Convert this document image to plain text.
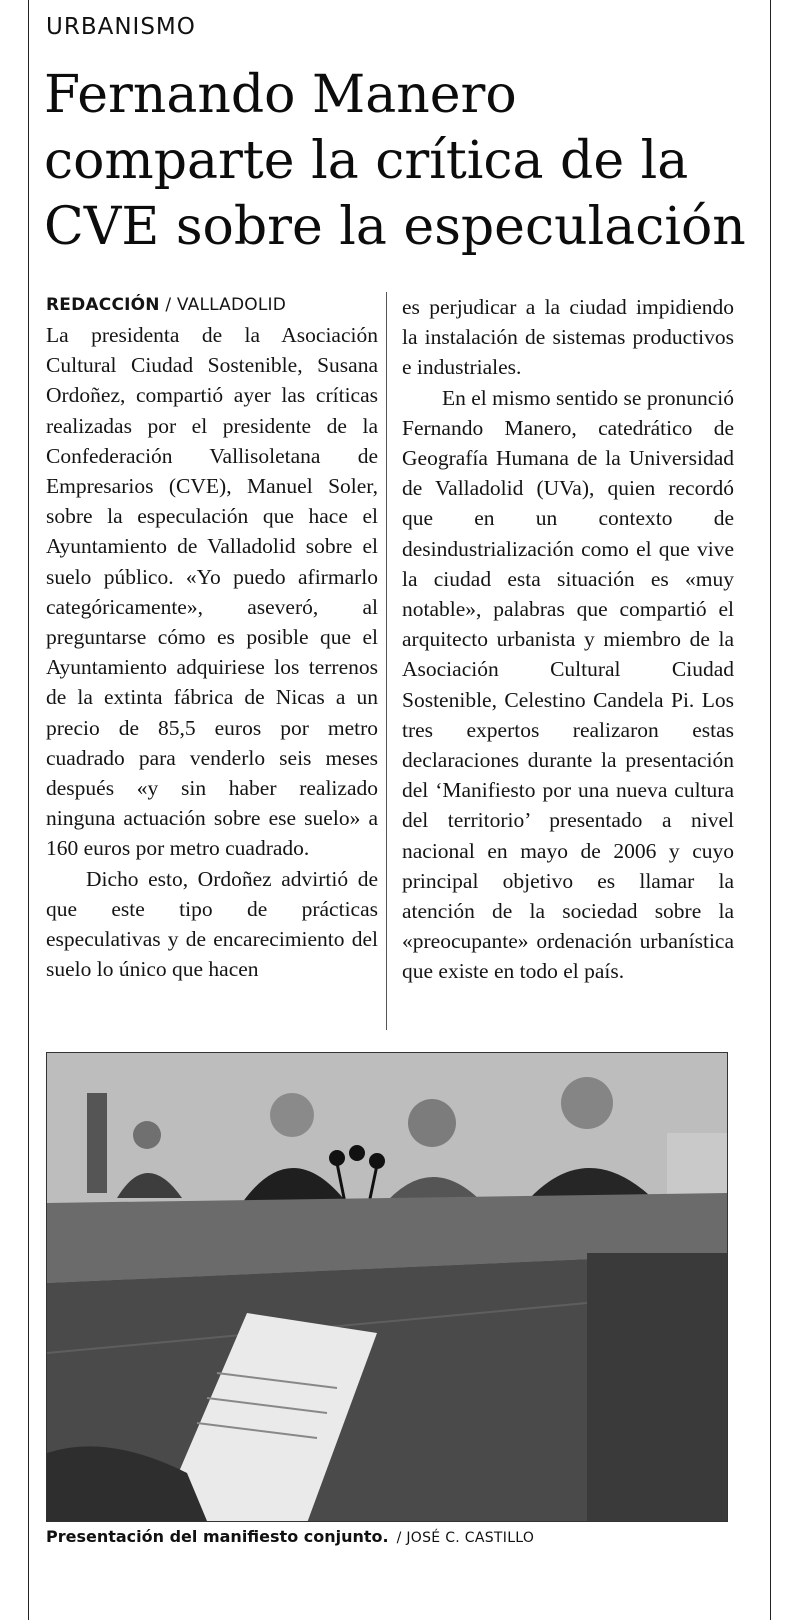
URBANISMO
Fernando Manero
comparte la crítica de la
CVE sobre la especulación
REDACCIÓN / VALLADOLID

La presidenta de la Asociación Cultural Ciudad Sostenible, Susana Ordoñez, compartió ayer las críticas realizadas por el presidente de la Confederación Vallisoletana de Empresarios (CVE), Manuel Soler, sobre la especulación que hace el Ayuntamiento de Valladolid sobre el suelo público. «Yo puedo afirmarlo categóricamente», aseveró, al preguntarse cómo es posible que el Ayuntamiento adquiriese los terrenos de la extinta fábrica de Nicas a un precio de 85,5 euros por metro cuadrado para venderlo seis meses después «y sin haber realizado ninguna actuación sobre ese suelo» a 160 euros por metro cuadrado.

Dicho esto, Ordoñez advirtió de que este tipo de prácticas especulativas y de encarecimiento del suelo lo único que hacen

es perjudicar a la ciudad impidiendo la instalación de sistemas productivos e industriales.

En el mismo sentido se pronunció Fernando Manero, catedrático de Geografía Humana de la Universidad de Valladolid (UVa), quien recordó que en un contexto de desindustrialización como el que vive la ciudad esta situación es «muy notable», palabras que compartió el arquitecto urbanista y miembro de la Asociación Cultural Ciudad Sostenible, Celestino Candela Pi. Los tres expertos realizaron estas declaraciones durante la presentación del ‘Manifiesto por una nueva cultura del territorio’ presentado a nivel nacional en mayo de 2006 y cuyo principal objetivo es llamar la atención de la sociedad sobre la «preocupante» ordenación urbanística que existe en todo el país.

Presentación del manifiesto conjunto. / JOSÉ C. CASTILLO
